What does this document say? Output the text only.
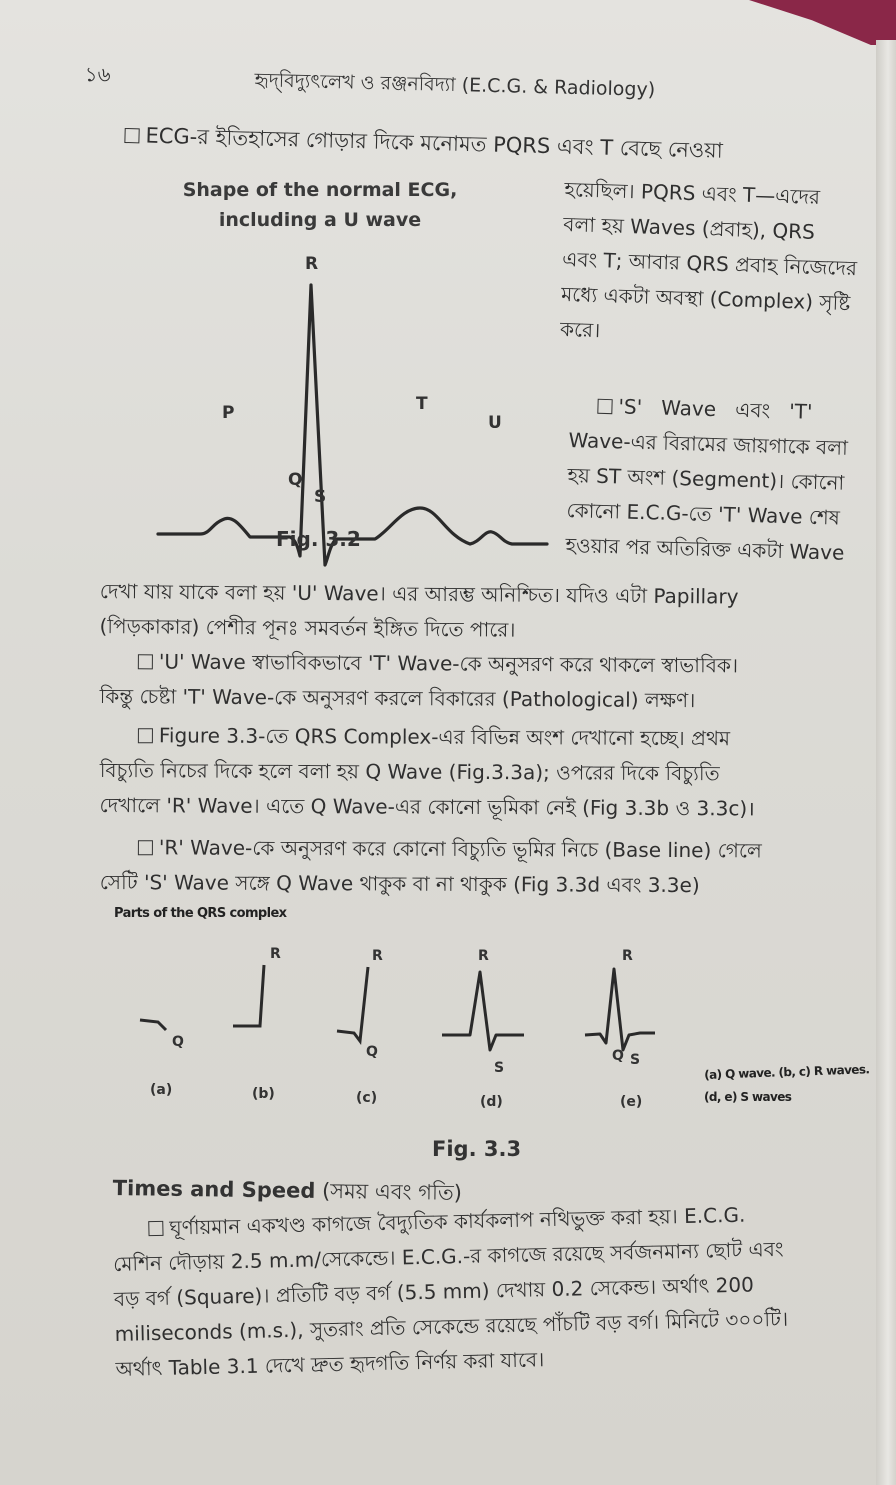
১৬	হৃদ্‌বিদ্যুৎলেখ ও রঞ্জনবিদ্যা (E.C.G. & Radiology)
ECG-র ইতিহাসের গোড়ার দিকে মনোমত PQRS এবং T বেছে নেওয়া
হয়েছিল। PQRS এবং T—এদের
বলা হয় Waves (প্রবাহ), QRS
এবং T; আবার QRS প্রবাহ নিজেদের
মধ্যে একটা অবস্থা (Complex) সৃষ্টি
করে।
Shape of the normal ECG,
including a U wave
R
P
Q
S
T
U
Fig. 3.2
'S'   Wave   এবং   'T'
Wave-এর বিরামের জায়গাকে বলা
হয় ST অংশ (Segment)। কোনো
কোনো E.C.G-তে 'T' Wave শেষ
হওয়ার পর অতিরিক্ত একটা Wave
দেখা যায় যাকে বলা হয় 'U' Wave। এর আরম্ভ অনিশ্চিত। যদিও এটা Papillary
(পিড়কাকার) পেশীর পূনঃ সমবর্তন ইঙ্গিত দিতে পারে।
'U' Wave স্বাভাবিকভাবে 'T' Wave-কে অনুসরণ করে থাকলে স্বাভাবিক।
কিন্তু চেষ্টা 'T' Wave-কে অনুসরণ করলে বিকারের (Pathological) লক্ষণ।
Figure 3.3-তে QRS Complex-এর বিভিন্ন অংশ দেখানো হচ্ছে। প্রথম
বিচ্যুতি নিচের দিকে হলে বলা হয় Q Wave (Fig.3.3a); ওপরের দিকে বিচ্যুতি
দেখালে 'R' Wave। এতে Q Wave-এর কোনো ভূমিকা নেই (Fig 3.3b ও 3.3c)।
'R' Wave-কে অনুসরণ করে কোনো বিচ্যুতি ভূমির নিচে (Base line) গেলে
সেটি 'S' Wave সঙ্গে Q Wave থাকুক বা না থাকুক (Fig 3.3d এবং 3.3e)
Parts of the QRS complex
Q
R	R
Q
R
S
R
Q S
(a)	(b)	(c)	(d)	(e)
(a) Q wave. (b, c) R waves.
(d, e) S waves
Fig. 3.3
Times and Speed (সময় এবং গতি)
ঘূর্ণায়মান একখণ্ড কাগজে বৈদ্যুতিক কার্যকলাপ নথিভুক্ত করা হয়। E.C.G.
মেশিন দৌড়ায় 2.5 m.m/সেকেন্ডে। E.C.G.-র কাগজে রয়েছে সর্বজনমান্য ছোট এবং
বড় বর্গ (Square)। প্রতিটি বড় বর্গ (5.5 mm) দেখায় 0.2 সেকেন্ড। অর্থাৎ 200
miliseconds (m.s.), সুতরাং প্রতি সেকেন্ডে রয়েছে পাঁচটি বড় বর্গ। মিনিটে ৩০০টি।
অর্থাৎ Table 3.1 দেখে দ্রুত হৃদগতি নির্ণয় করা যাবে।
